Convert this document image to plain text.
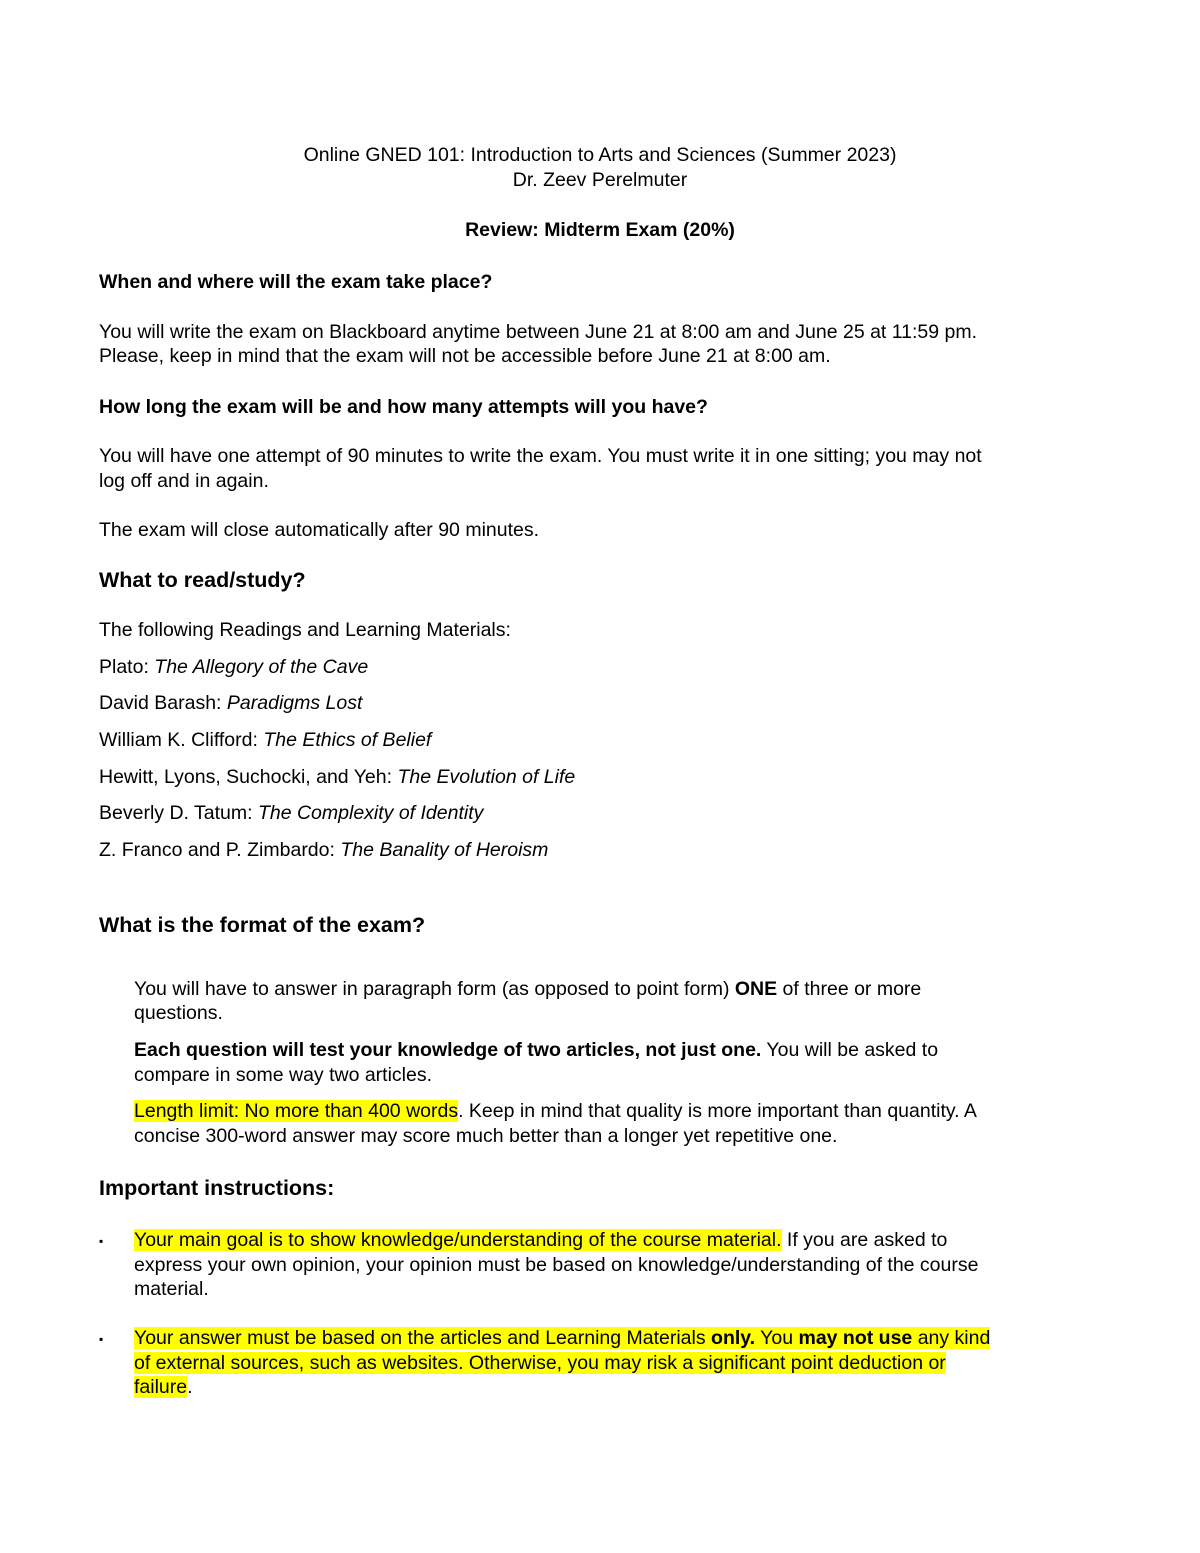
Online GNED 101: Introduction to Arts and Sciences (Summer 2023)

Dr. Zeev Perelmuter

Review: Midterm Exam (20%)

When and where will the exam take place?

You will write the exam on Blackboard anytime between June 21 at 8:00 am and June 25 at 11:59 pm.

Please, keep in mind that the exam will not be accessible before June 21 at 8:00 am.

How long the exam will be and how many attempts will you have?

You will have one attempt of 90 minutes to write the exam. You must write it in one sitting; you may not

log off and in again.

The exam will close automatically after 90 minutes.

What to read/study?

The following Readings and Learning Materials:

Plato: The Allegory of the Cave

David Barash: Paradigms Lost

William K. Clifford: The Ethics of Belief

Hewitt, Lyons, Suchocki, and Yeh: The Evolution of Life

Beverly D. Tatum: The Complexity of Identity

Z. Franco and P. Zimbardo: The Banality of Heroism

What is the format of the exam?

You will have to answer in paragraph form (as opposed to point form) ONE of three or more

questions.

Each question will test your knowledge of two articles, not just one. You will be asked to

compare in some way two articles.

Length limit: No more than 400 words. Keep in mind that quality is more important than quantity. A

concise 300-word answer may score much better than a longer yet repetitive one.

Important instructions:

▪ Your main goal is to show knowledge/understanding of the course material. If you are asked to

express your own opinion, your opinion must be based on knowledge/understanding of the course

material.

▪ Your answer must be based on the articles and Learning Materials only. You may not use any kind

of external sources, such as websites. Otherwise, you may risk a significant point deduction or

failure.
